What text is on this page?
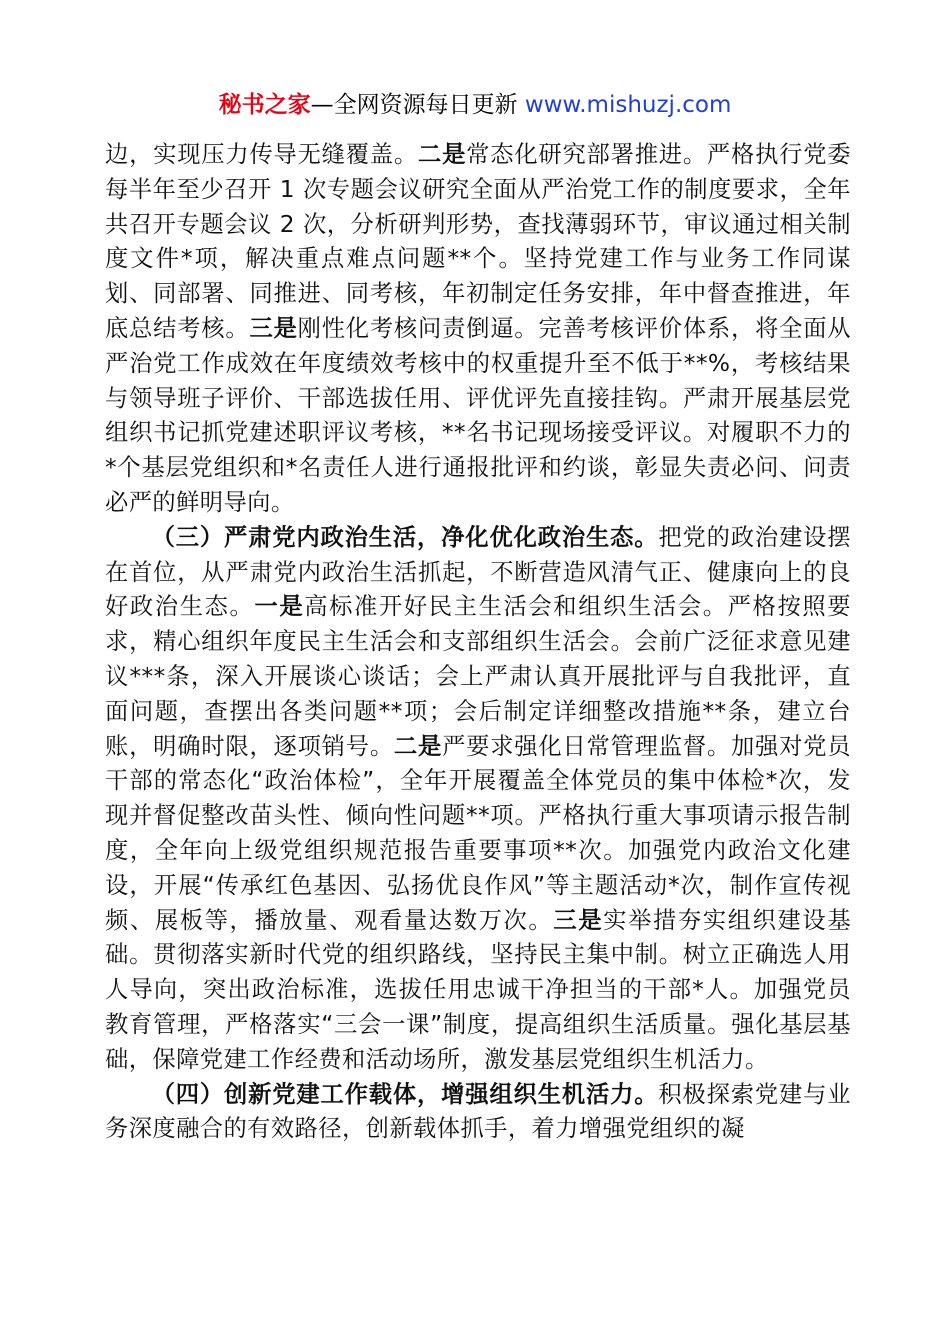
秘书之家—全网资源每日更新 www.mishuzj.com

边，实现压力传导无缝覆盖。二是常态化研究部署推进。严格执行党委每半年至少召开 1 次专题会议研究全面从严治党工作的制度要求，全年共召开专题会议 2 次，分析研判形势，查找薄弱环节，审议通过相关制度文件*项，解决重点难点问题**个。坚持党建工作与业务工作同谋划、同部署、同推进、同考核，年初制定任务安排，年中督查推进，年底总结考核。三是刚性化考核问责倒逼。完善考核评价体系，将全面从严治党工作成效在年度绩效考核中的权重提升至不低于**%，考核结果与领导班子评价、干部选拔任用、评优评先直接挂钩。严肃开展基层党组织书记抓党建述职评议考核，**名书记现场接受评议。对履职不力的*个基层党组织和*名责任人进行通报批评和约谈，彰显失责必问、问责必严的鲜明导向。

（三）严肃党内政治生活，净化优化政治生态。把党的政治建设摆在首位，从严肃党内政治生活抓起，不断营造风清气正、健康向上的良好政治生态。一是高标准开好民主生活会和组织生活会。严格按照要求，精心组织年度民主生活会和支部组织生活会。会前广泛征求意见建议***条，深入开展谈心谈话；会上严肃认真开展批评与自我批评，直面问题，查摆出各类问题**项；会后制定详细整改措施**条，建立台账，明确时限，逐项销号。二是严要求强化日常管理监督。加强对党员干部的常态化“政治体检”，全年开展覆盖全体党员的集中体检*次，发现并督促整改苗头性、倾向性问题**项。严格执行重大事项请示报告制度，全年向上级党组织规范报告重要事项**次。加强党内政治文化建设，开展“传承红色基因、弘扬优良作风”等主题活动*次，制作宣传视频、展板等，播放量、观看量达数万次。三是实举措夯实组织建设基础。贯彻落实新时代党的组织路线，坚持民主集中制。树立正确选人用人导向，突出政治标准，选拔任用忠诚干净担当的干部*人。加强党员教育管理，严格落实“三会一课”制度，提高组织生活质量。强化基层基础，保障党建工作经费和活动场所，激发基层党组织生机活力。

（四）创新党建工作载体，增强组织生机活力。积极探索党建与业务深度融合的有效路径，创新载体抓手，着力增强党组织的凝
